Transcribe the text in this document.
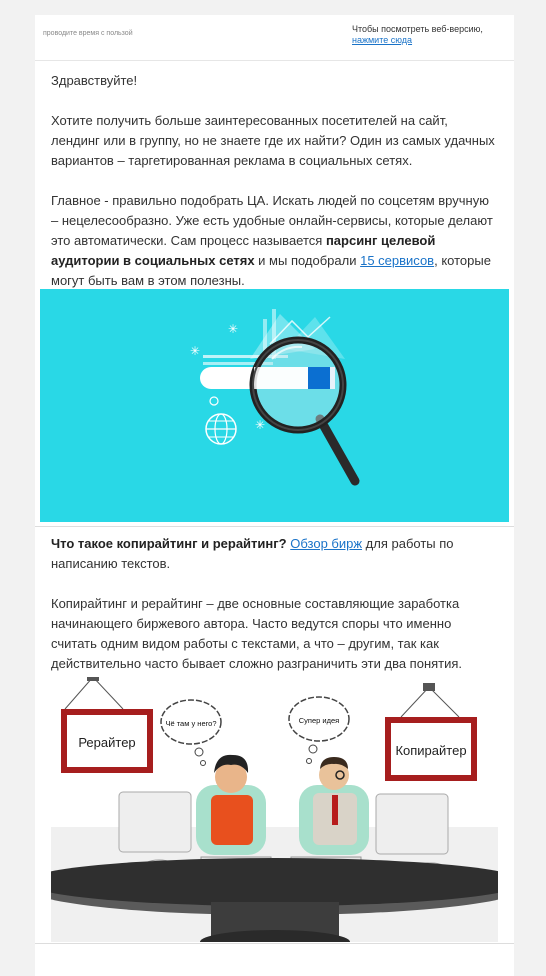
проводите время с пользой	Чтобы посмотреть веб-версию,
нажмите сюда

Здравствуйте!

Хотите получить больше заинтересованных посетителей на сайт, лендинг или в группу, но не знаете где их найти? Один из самых удачных вариантов – таргетированная реклама в социальных сетях.

Главное - правильно подобрать ЦА. Искать людей по соцсетям вручную – нецелесообразно. Уже есть удобные онлайн-сервисы, которые делают это автоматически. Сам процесс называется парсинг целевой аудитории в социальных сетях и мы подобрали 15 сервисов, которые могут быть вам в этом полезны.

✳
✳
✳

Что такое копирайтинг и рерайтинг? Обзор бирж для работы по написанию текстов.

Копирайтинг и рерайтинг – две основные составляющие заработка начинающего биржевого автора. Часто ведутся споры что именно считать одним видом работы с текстами, а что – другим, так как действительно часто бывает сложно разграничить эти два понятия.

Рерайтер
Копирайтер
Чё там у него?	Супер идея
